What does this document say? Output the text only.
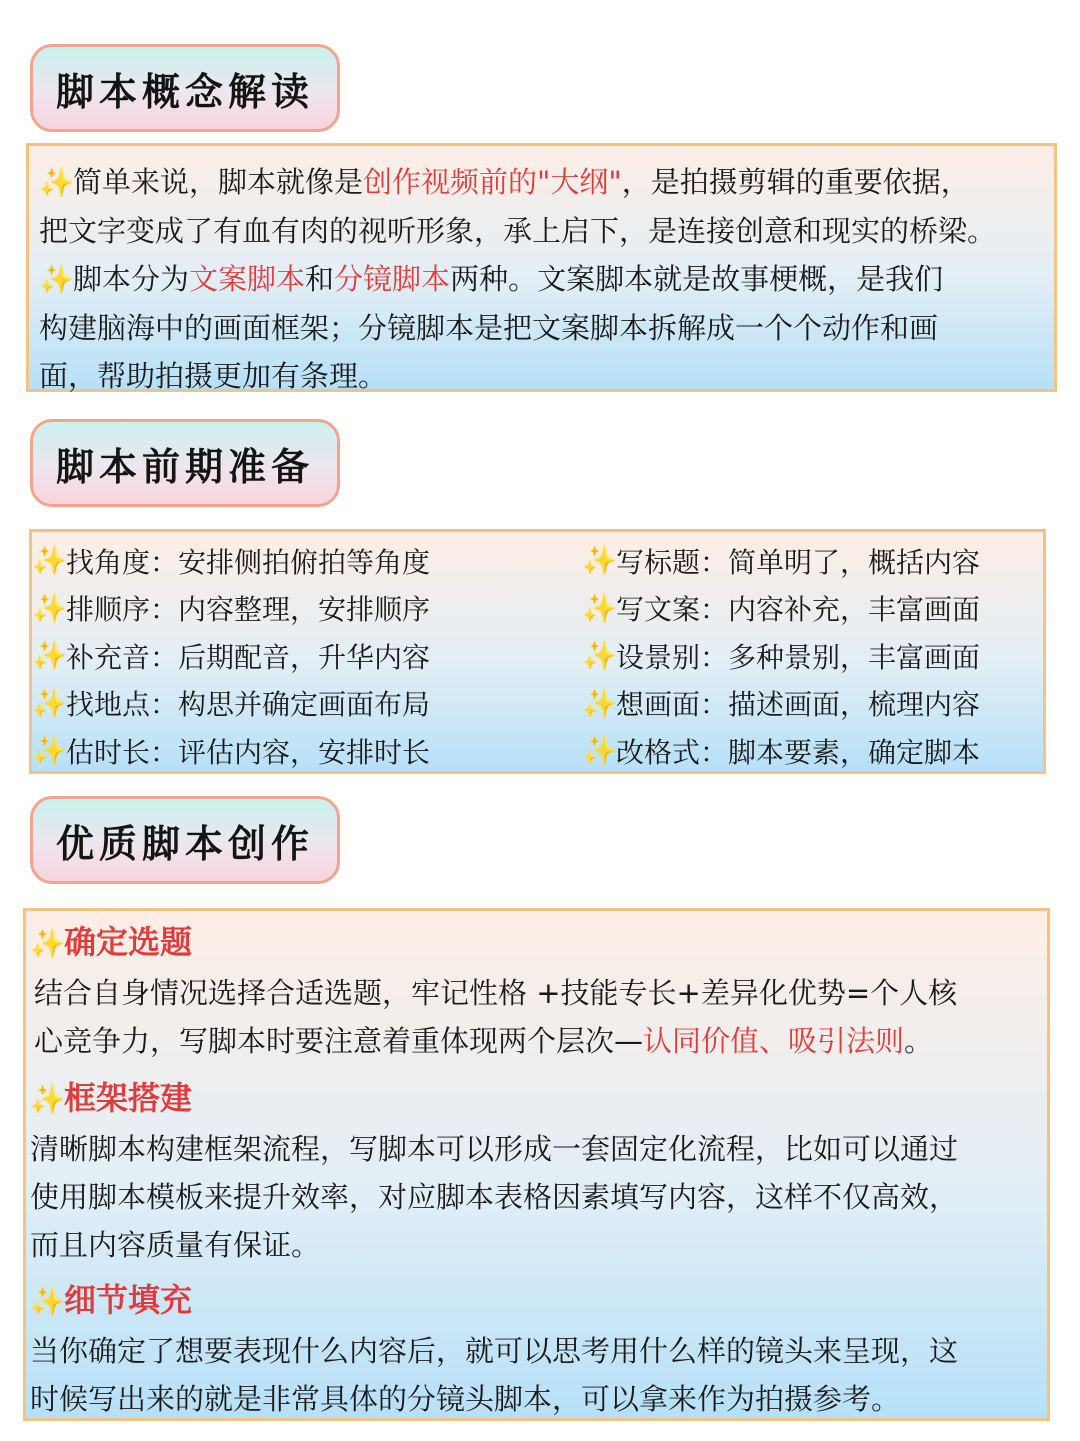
脚本概念解读

✨简单来说，脚本就像是创作视频前的"大纲"，是拍摄剪辑的重要依据，

把文字变成了有血有肉的视听形象，承上启下，是连接创意和现实的桥梁。

✨脚本分为文案脚本和分镜脚本两种。文案脚本就是故事梗概，是我们

构建脑海中的画面框架；分镜脚本是把文案脚本拆解成一个个动作和画

面，帮助拍摄更加有条理。

脚本前期准备
✨ 找角度：安排侧拍俯拍等角度
✨ 排顺序：内容整理，安排顺序
✨ 补充音：后期配音，升华内容
✨ 找地点：构思并确定画面布局
✨ 估时长：评估内容，安排时长
✨ 写标题：简单明了，概括内容
✨ 写文案：内容补充，丰富画面
✨ 设景别：多种景别，丰富画面
✨ 想画面：描述画面，梳理内容
✨ 改格式：脚本要素，确定脚本
优质脚本创作

✨确定选题

结合自身情况选择合适选题，牢记性格 +技能专长+差异化优势=个人核

心竞争力，写脚本时要注意着重体现两个层次—认同价值、吸引法则。

✨框架搭建

清晰脚本构建框架流程，写脚本可以形成一套固定化流程，比如可以通过

使用脚本模板来提升效率，对应脚本表格因素填写内容，这样不仅高效，

而且内容质量有保证。

✨细节填充

当你确定了想要表现什么内容后，就可以思考用什么样的镜头来呈现，这

时候写出来的就是非常具体的分镜头脚本，可以拿来作为拍摄参考。
